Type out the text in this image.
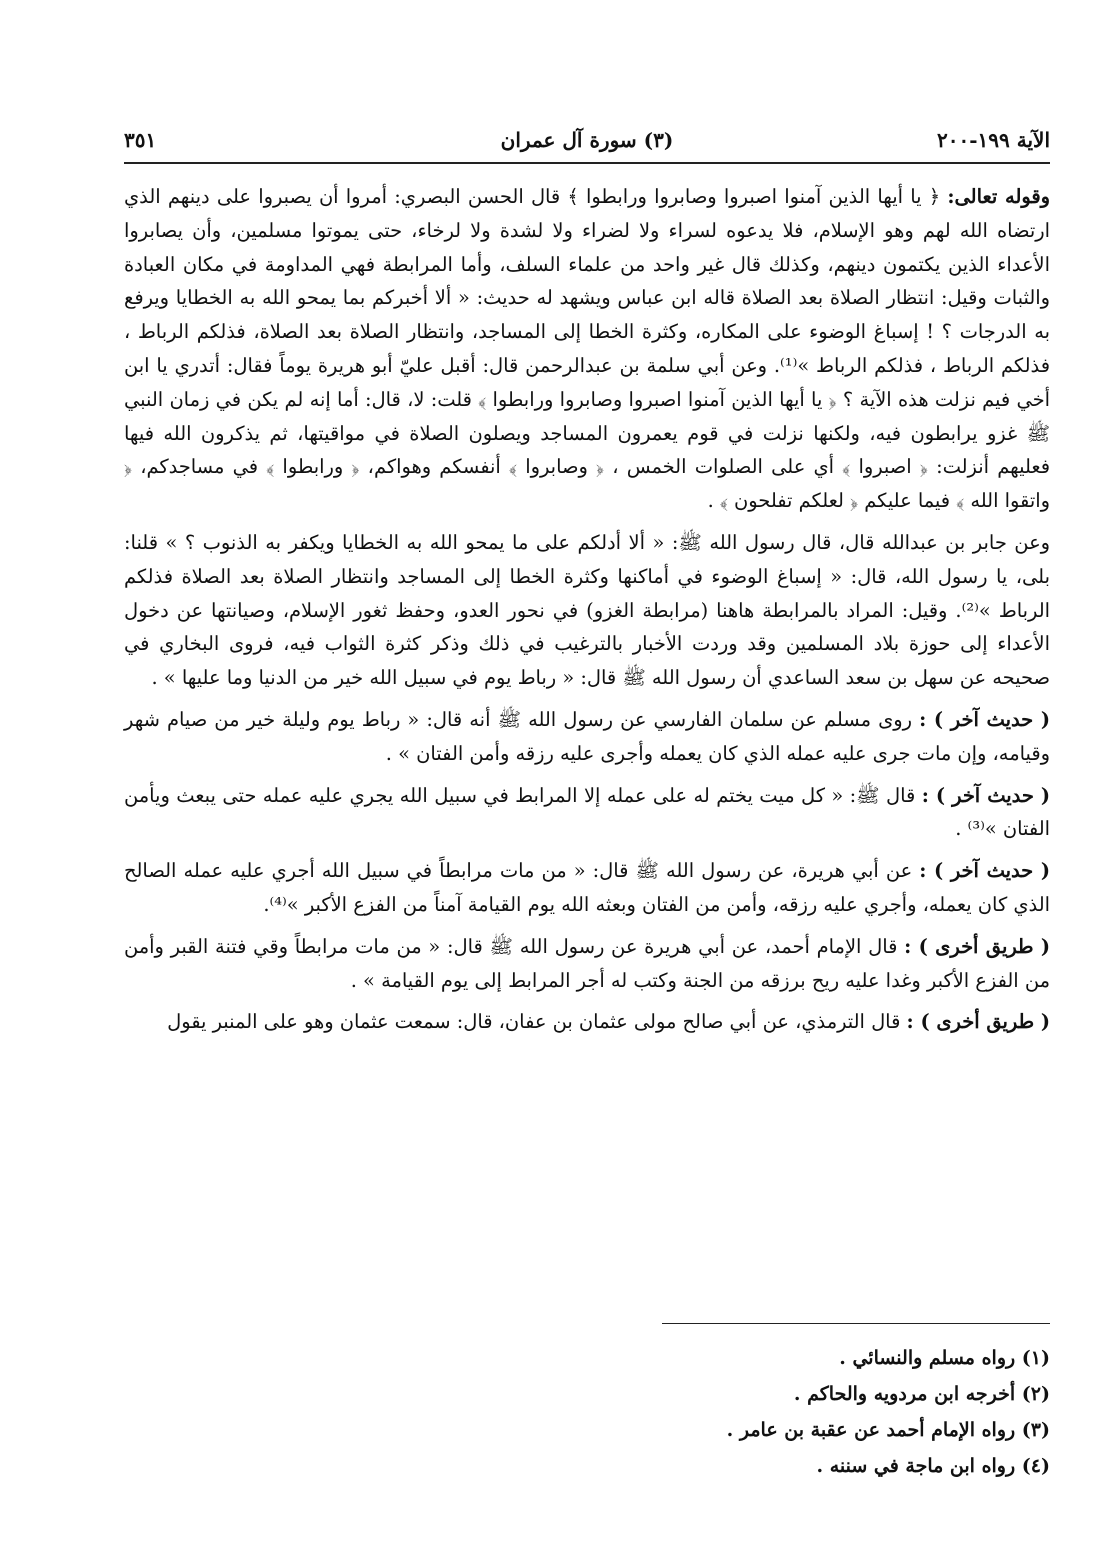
الآية ١٩٩-٢٠٠
(٣) سورة آل عمران
٣٥١

وقوله تعالى: ﴿ يا أيها الذين آمنوا اصبروا وصابروا ورابطوا ﴾ قال الحسن البصري: أمروا أن يصبروا على دينهم الذي ارتضاه الله لهم وهو الإسلام، فلا يدعوه لسراء ولا لضراء ولا لشدة ولا لرخاء، حتى يموتوا مسلمين، وأن يصابروا الأعداء الذين يكتمون دينهم، وكذلك قال غير واحد من علماء السلف، وأما المرابطة فهي المداومة في مكان العبادة والثبات وقيل: انتظار الصلاة بعد الصلاة قاله ابن عباس ويشهد له حديث: « ألا أخبركم بما يمحو الله به الخطايا ويرفع به الدرجات ؟ ! إسباغ الوضوء على المكاره، وكثرة الخطا إلى المساجد، وانتظار الصلاة بعد الصلاة، فذلكم الرباط ، فذلكم الرباط ، فذلكم الرباط »⁽¹⁾. وعن أبي سلمة بن عبدالرحمن قال: أقبل عليّ أبو هريرة يوماً فقال: أتدري يا ابن أخي فيم نزلت هذه الآية ؟ ﴿ يا أيها الذين آمنوا اصبروا وصابروا ورابطوا ﴾ قلت: لا، قال: أما إنه لم يكن في زمان النبي ﷺ غزو يرابطون فيه، ولكنها نزلت في قوم يعمرون المساجد ويصلون الصلاة في مواقيتها، ثم يذكرون الله فيها فعليهم أنزلت: ﴿ اصبروا ﴾ أي على الصلوات الخمس ، ﴿ وصابروا ﴾ أنفسكم وهواكم، ﴿ ورابطوا ﴾ في مساجدكم، ﴿ واتقوا الله ﴾ فيما عليكم ﴿ لعلكم تفلحون ﴾ .

وعن جابر بن عبدالله قال، قال رسول الله ﷺ: « ألا أدلكم على ما يمحو الله به الخطايا ويكفر به الذنوب ؟ » قلنا: بلى، يا رسول الله، قال: « إسباغ الوضوء في أماكنها وكثرة الخطا إلى المساجد وانتظار الصلاة بعد الصلاة فذلكم الرباط »⁽²⁾. وقيل: المراد بالمرابطة هاهنا (مرابطة الغزو) في نحور العدو، وحفظ ثغور الإسلام، وصيانتها عن دخول الأعداء إلى حوزة بلاد المسلمين وقد وردت الأخبار بالترغيب في ذلك وذكر كثرة الثواب فيه، فروى البخاري في صحيحه عن سهل بن سعد الساعدي أن رسول الله ﷺ قال: « رباط يوم في سبيل الله خير من الدنيا وما عليها » .

( حديث آخر ) : روى مسلم عن سلمان الفارسي عن رسول الله ﷺ أنه قال: « رباط يوم وليلة خير من صيام شهر وقيامه، وإن مات جرى عليه عمله الذي كان يعمله وأجرى عليه رزقه وأمن الفتان » .

( حديث آخر ) : قال ﷺ: « كل ميت يختم له على عمله إلا المرابط في سبيل الله يجري عليه عمله حتى يبعث ويأمن الفتان »⁽³⁾ .

( حديث آخر ) : عن أبي هريرة، عن رسول الله ﷺ قال: « من مات مرابطاً في سبيل الله أجري عليه عمله الصالح الذي كان يعمله، وأجري عليه رزقه، وأمن من الفتان وبعثه الله يوم القيامة آمناً من الفزع الأكبر »⁽⁴⁾.

( طريق أخرى ) : قال الإمام أحمد، عن أبي هريرة عن رسول الله ﷺ قال: « من مات مرابطاً وقي فتنة القبر وأمن من الفزع الأكبر وغدا عليه ريح برزقه من الجنة وكتب له أجر المرابط إلى يوم القيامة » .

( طريق أخرى ) : قال الترمذي، عن أبي صالح مولى عثمان بن عفان، قال: سمعت عثمان وهو على المنبر يقول

(١) رواه مسلم والنسائي .
(٢) أخرجه ابن مردويه والحاكم .
(٣) رواه الإمام أحمد عن عقبة بن عامر .
(٤) رواه ابن ماجة في سننه .
